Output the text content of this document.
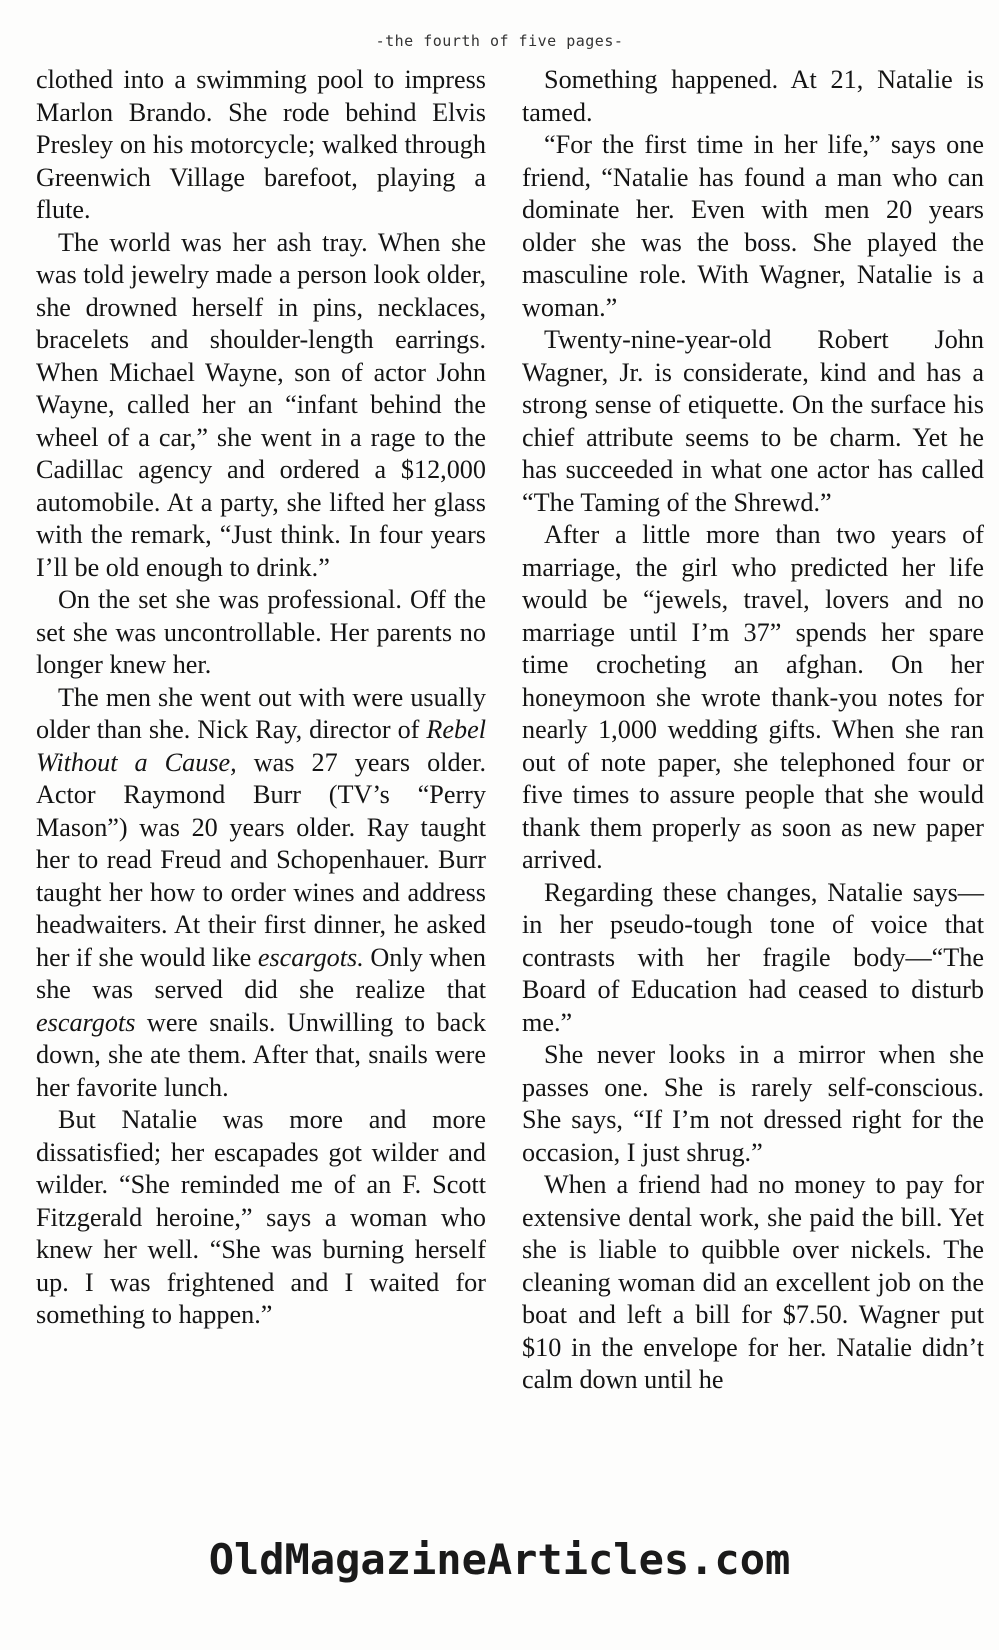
-the fourth of five pages-

clothed into a swimming pool to impress Marlon Brando. She rode behind Elvis Presley on his motorcycle; walked through Greenwich Village barefoot, playing a flute.

The world was her ash tray. When she was told jewelry made a person look older, she drowned herself in pins, necklaces, bracelets and shoulder-length earrings. When Michael Wayne, son of actor John Wayne, called her an “infant behind the wheel of a car,” she went in a rage to the Cadillac agency and ordered a $12,000 automobile. At a party, she lifted her glass with the remark, “Just think. In four years I’ll be old enough to drink.”

On the set she was professional. Off the set she was uncontrollable. Her parents no longer knew her.

The men she went out with were usually older than she. Nick Ray, director of Rebel Without a Cause, was 27 years older. Actor Raymond Burr (TV’s “Perry Mason”) was 20 years older. Ray taught her to read Freud and Schopenhauer. Burr taught her how to order wines and address headwaiters. At their first dinner, he asked her if she would like escargots. Only when she was served did she realize that escargots were snails. Unwilling to back down, she ate them. After that, snails were her favorite lunch.

But Natalie was more and more dissatisfied; her escapades got wilder and wilder. “She reminded me of an F. Scott Fitzgerald heroine,” says a woman who knew her well. “She was burning herself up. I was frightened and I waited for something to happen.”

Something happened. At 21, Natalie is tamed.

“For the first time in her life,” says one friend, “Natalie has found a man who can dominate her. Even with men 20 years older she was the boss. She played the masculine role. With Wagner, Natalie is a woman.”

Twenty-nine-year-old Robert John Wagner, Jr. is considerate, kind and has a strong sense of etiquette. On the surface his chief attribute seems to be charm. Yet he has succeeded in what one actor has called “The Taming of the Shrewd.”

After a little more than two years of marriage, the girl who predicted her life would be “jewels, travel, lovers and no marriage until I’m 37” spends her spare time crocheting an afghan. On her honeymoon she wrote thank-you notes for nearly 1,000 wedding gifts. When she ran out of note paper, she telephoned four or five times to assure people that she would thank them properly as soon as new paper arrived.

Regarding these changes, Natalie says—in her pseudo-tough tone of voice that contrasts with her fragile body—“The Board of Education had ceased to disturb me.”

She never looks in a mirror when she passes one. She is rarely self-conscious. She says, “If I’m not dressed right for the occasion, I just shrug.”

When a friend had no money to pay for extensive dental work, she paid the bill. Yet she is liable to quibble over nickels. The cleaning woman did an excellent job on the boat and left a bill for $7.50. Wagner put $10 in the envelope for her. Natalie didn’t calm down until he

OldMagazineArticles.com
